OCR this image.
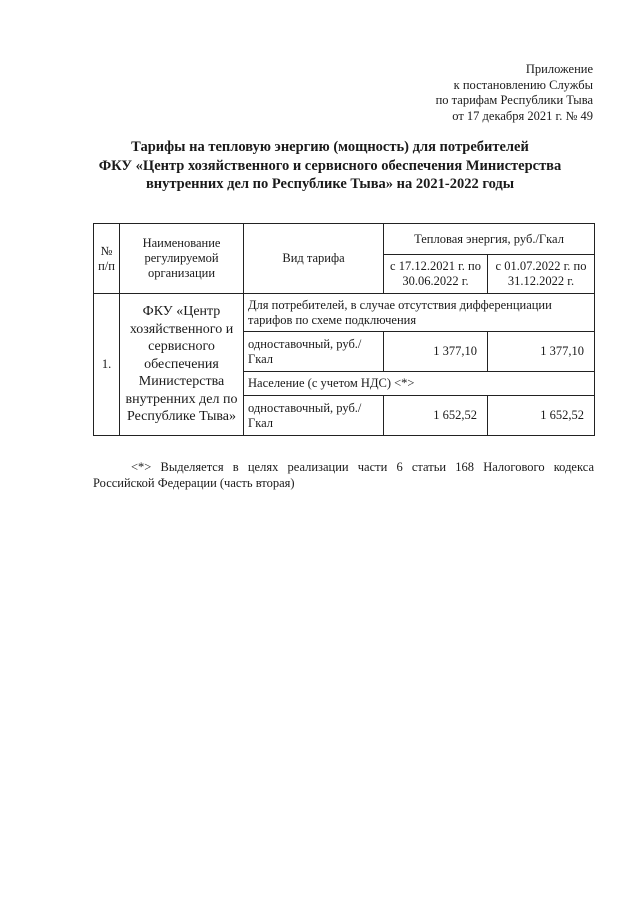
Приложение
к постановлению Службы
по тарифам Республики Тыва
от 17 декабря 2021 г. № 49
Тарифы на тепловую энергию (мощность) для потребителей
ФКУ «Центр хозяйственного и сервисного обеспечения Министерства
внутренних дел по Республике Тыва» на 2021-2022 годы
№ п/п	Наименование регулируемой организации	Вид тарифа	Тепловая энергия, руб./Гкал	
			с 17.12.2021 г. по 30.06.2022 г.	с 01.07.2022 г. по 31.12.2022 г.
1.	ФКУ «Центр хозяйственного и сервисного обеспечения Министерства внутренних дел по Республике Тыва»	Для потребителей, в случае отсутствия дифференциации тарифов по схеме подключения		
		одноставочный, руб./Гкал	1 377,10	1 377,10
		Население (с учетом НДС) <*>		
		одноставочный, руб./Гкал	1 652,52	1 652,52
<*> Выделяется в целях реализации части 6 статьи 168 Налогового кодекса Российской Федерации (часть вторая)
